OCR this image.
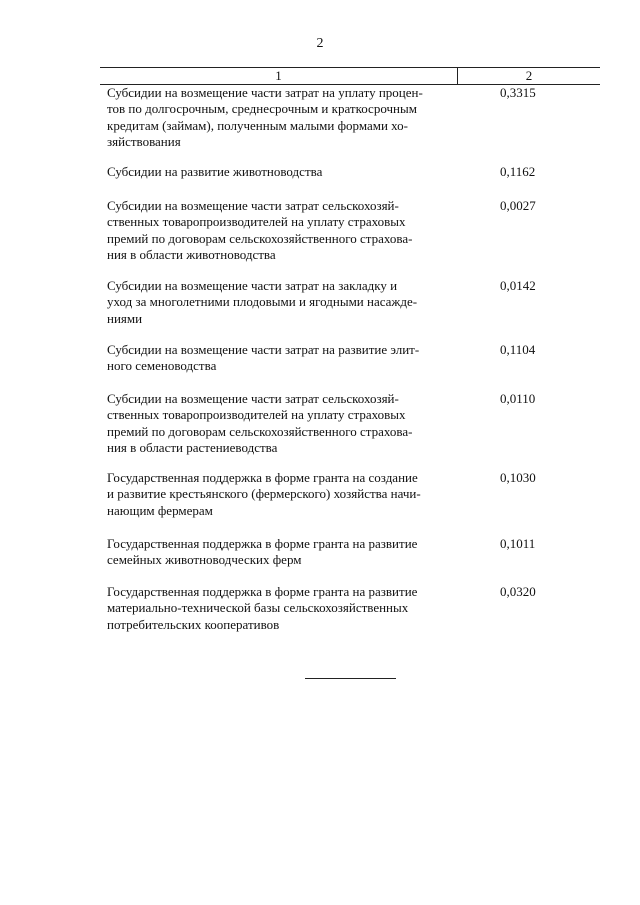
2
1	2
Субсидии на возмещение части затрат на уплату процен-
тов по долгосрочным, среднесрочным и краткосрочным
кредитам (займам), полученным малыми формами хо-
зяйствования
0,3315
Субсидии на развитие животноводства	0,1162
Субсидии на возмещение части затрат сельскохозяй-
ственных товаропроизводителей на уплату страховых
премий по договорам сельскохозяйственного страхова-
ния в области животноводства
0,0027
Субсидии на возмещение части затрат на закладку и
уход за многолетними плодовыми и ягодными насажде-
ниями
0,0142
Субсидии на возмещение части затрат на развитие элит-
ного семеноводства
0,1104
Субсидии на возмещение части затрат сельскохозяй-
ственных товаропроизводителей на уплату страховых
премий по договорам сельскохозяйственного страхова-
ния в области растениеводства
0,0110
Государственная поддержка в форме гранта на создание
и развитие крестьянского (фермерского) хозяйства начи-
нающим фермерам
0,1030
Государственная поддержка в форме гранта на развитие
семейных животноводческих ферм
0,1011
Государственная поддержка в форме гранта на развитие
материально-технической базы сельскохозяйственных
потребительских кооперативов
0,0320
